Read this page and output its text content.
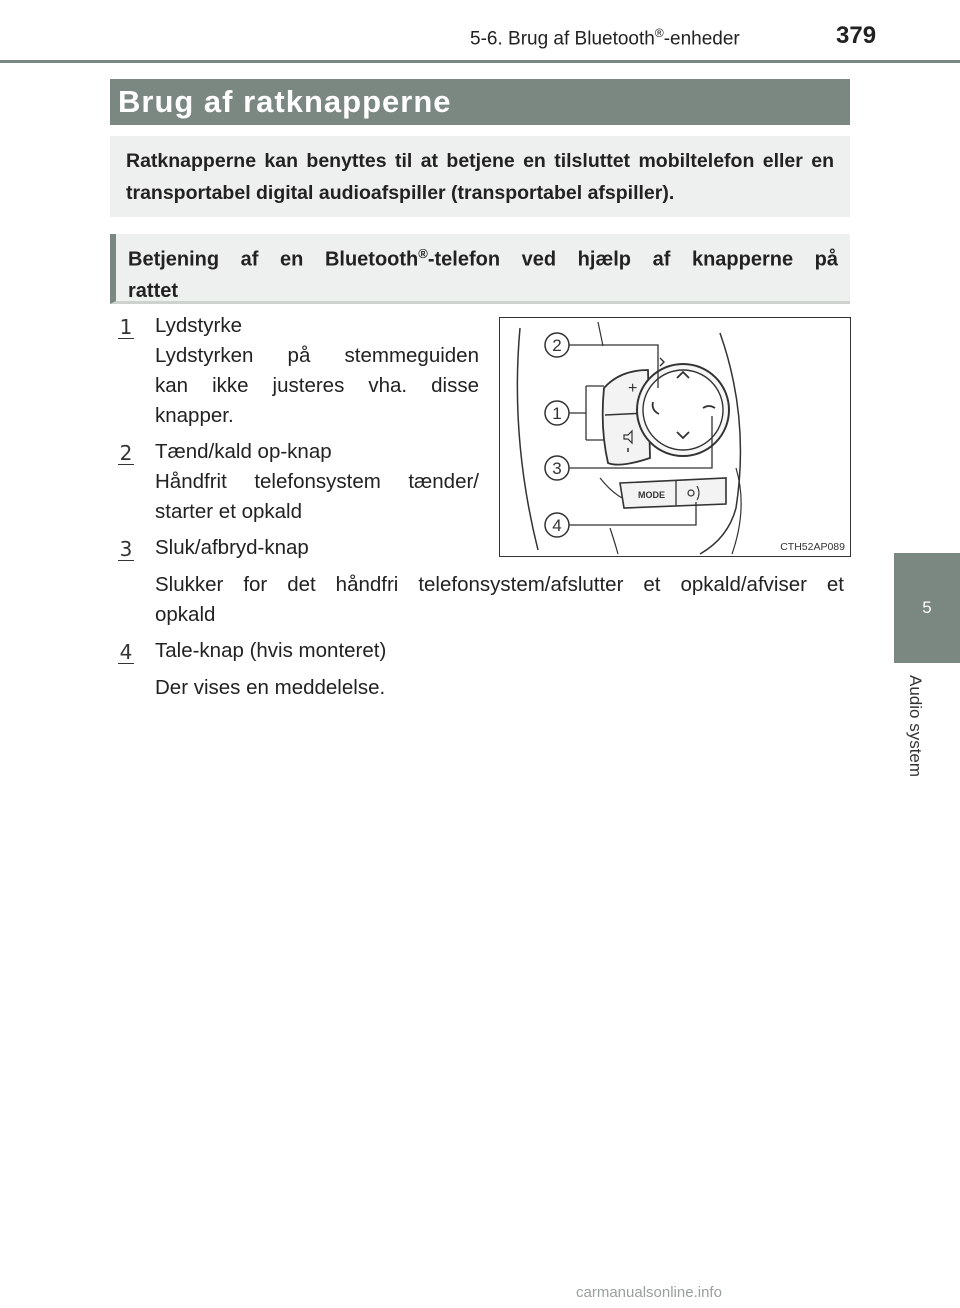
5-6. Brug af Bluetooth®-enheder	379
5
Audio system
Brug af ratknapperne
Ratknapperne kan benyttes til at betjene en tilsluttet mobiltelefon eller en transportabel digital audioafspiller (transportabel afspiller).
Betjening af en Bluetooth®-telefon ved hjælp af knapperne på
rattet
1 Lydstyrke
Lydstyrken på stemmeguiden
kan ikke justeres vha. disse
knapper.
2 Tænd/kald op-knap
Håndfrit telefonsystem tænder/
starter et opkald
3 Sluk/afbryd-knap
Slukker for det håndfri telefonsystem/afslutter et opkald/afviser et
opkald
4 Tale-knap (hvis monteret)
Der vises en meddelelse.
+
MODE
2
1
3
4
CTH52AP089
carmanualsonline.info
